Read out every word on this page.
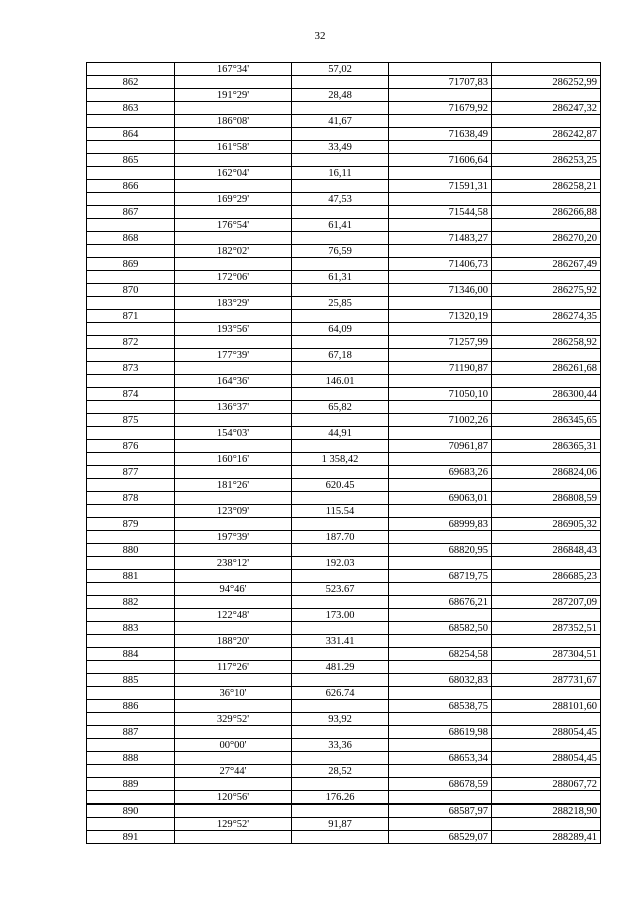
32
	167°34'	57,02		
862			71707,83	286252,99
	191°29'	28,48		
863			71679,92	286247,32
	186°08'	41,67		
864			71638,49	286242,87
	161°58'	33,49		
865			71606,64	286253,25
	162°04'	16,11		
866			71591,31	286258,21
	169°29'	47,53		
867			71544,58	286266,88
	176°54'	61,41		
868			71483,27	286270,20
	182°02'	76,59		
869			71406,73	286267,49
	172°06'	61,31		
870			71346,00	286275,92
	183°29'	25,85		
871			71320,19	286274,35
	193°56'	64,09		
872			71257,99	286258,92
	177°39'	67,18		
873			71190,87	286261,68
	164°36'	146.01		
874			71050,10	286300,44
	136°37'	65,82		
875			71002,26	286345,65
	154°03'	44,91		
876			70961,87	286365,31
	160°16'	1 358,42		
877			69683,26	286824,06
	181°26'	620.45		
878			69063,01	286808,59
	123°09'	115.54		
879			68999,83	286905,32
	197°39'	187.70		
880			68820,95	286848,43
	238°12'	192.03		
881			68719,75	286685,23
	94°46'	523.67		
882			68676,21	287207,09
	122°48'	173.00		
883			68582,50	287352,51
	188°20'	331.41		
884			68254,58	287304,51
	117°26'	481.29		
885			68032,83	287731,67
	36°10'	626.74		
886			68538,75	288101,60
	329°52'	93,92		
887			68619,98	288054,45
	00°00'	33,36		
888			68653,34	288054,45
	27°44'	28,52		
889			68678,59	288067,72
	120°56'	176.26		
890			68587,97	288218,90
	129°52'	91,87		
891			68529,07	288289,41
